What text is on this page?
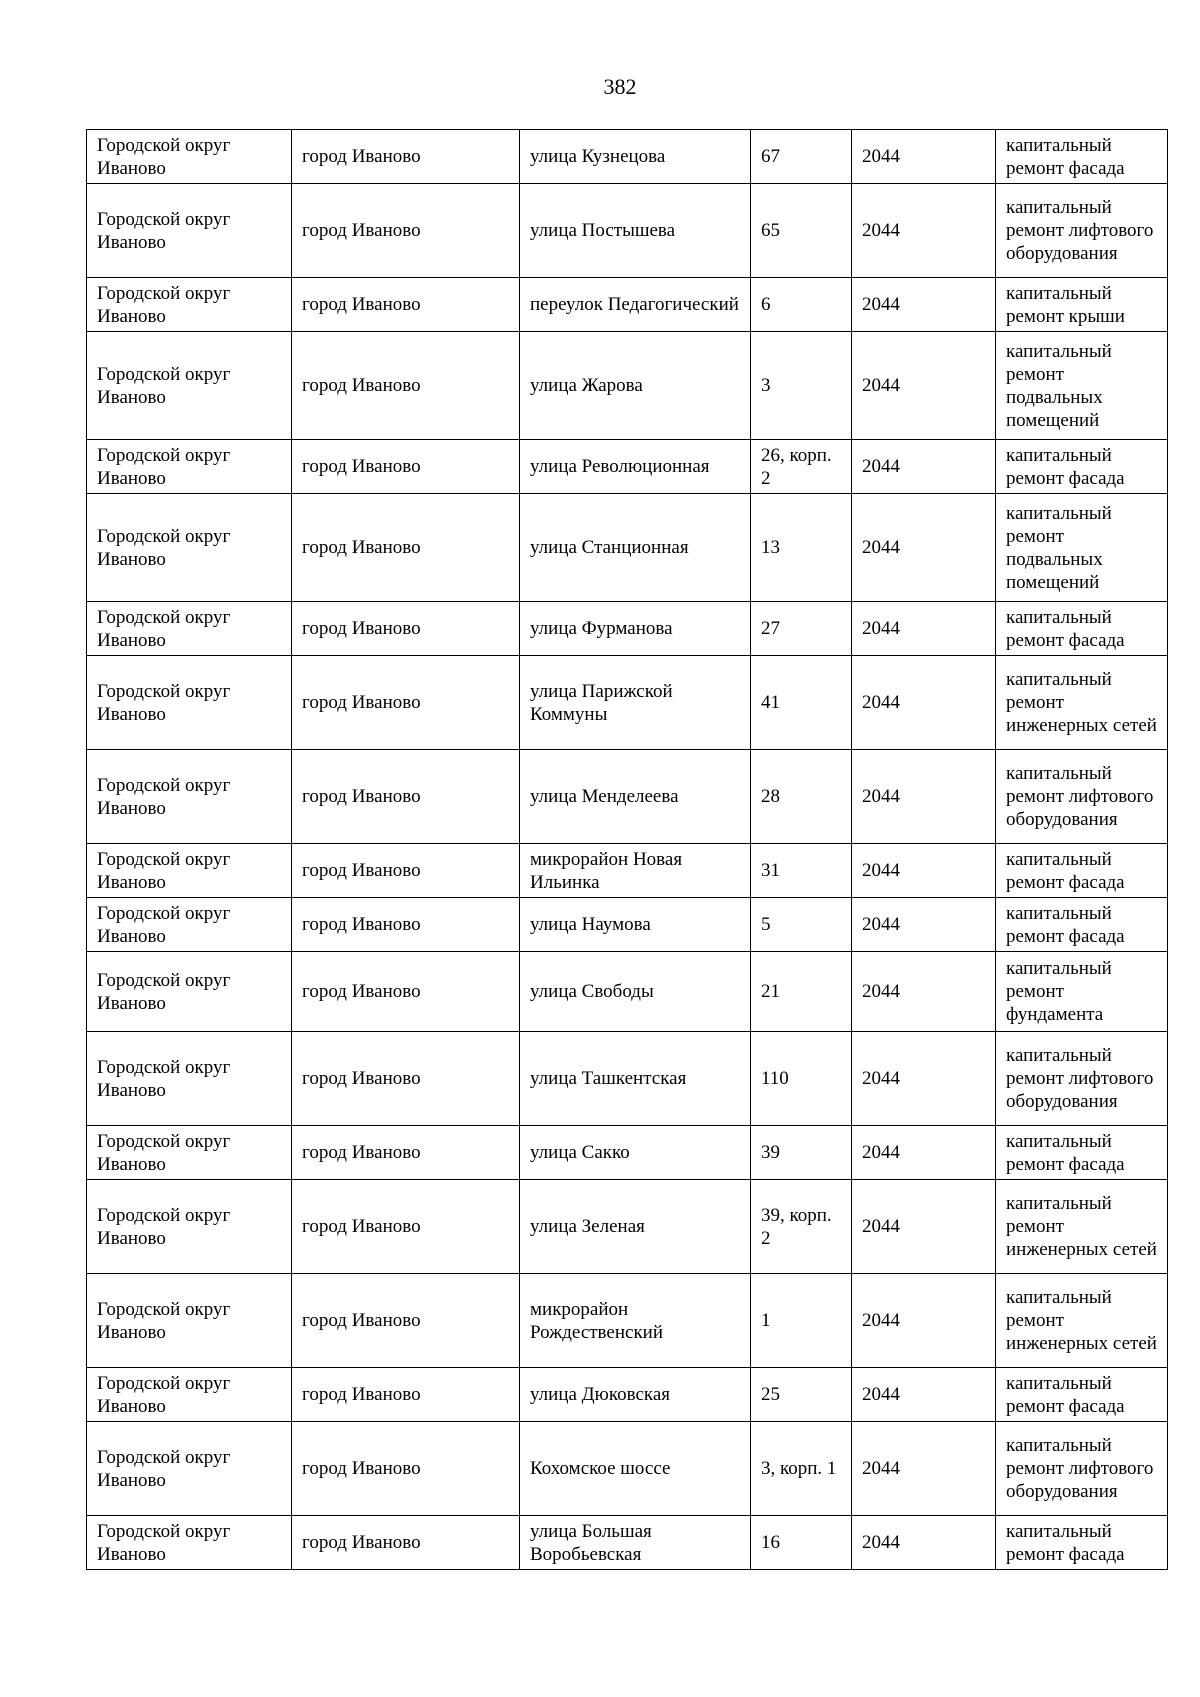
382
Городской округ Иваново	город Иваново	улица Кузнецова	67	2044	капитальный ремонт фасада
Городской округ Иваново	город Иваново	улица Постышева	65	2044	капитальный ремонт лифтового оборудования
Городской округ Иваново	город Иваново	переулок Педагогический	6	2044	капитальный ремонт крыши
Городской округ Иваново	город Иваново	улица Жарова	3	2044	капитальный ремонт подвальных помещений
Городской округ Иваново	город Иваново	улица Революционная	26, корп. 2	2044	капитальный ремонт фасада
Городской округ Иваново	город Иваново	улица Станционная	13	2044	капитальный ремонт подвальных помещений
Городской округ Иваново	город Иваново	улица Фурманова	27	2044	капитальный ремонт фасада
Городской округ Иваново	город Иваново	улица Парижской Коммуны	41	2044	капитальный ремонт инженерных сетей
Городской округ Иваново	город Иваново	улица Менделеева	28	2044	капитальный ремонт лифтового оборудования
Городской округ Иваново	город Иваново	микрорайон Новая Ильинка	31	2044	капитальный ремонт фасада
Городской округ Иваново	город Иваново	улица Наумова	5	2044	капитальный ремонт фасада
Городской округ Иваново	город Иваново	улица Свободы	21	2044	капитальный ремонт фундамента
Городской округ Иваново	город Иваново	улица Ташкентская	110	2044	капитальный ремонт лифтового оборудования
Городской округ Иваново	город Иваново	улица Сакко	39	2044	капитальный ремонт фасада
Городской округ Иваново	город Иваново	улица Зеленая	39, корп. 2	2044	капитальный ремонт инженерных сетей
Городской округ Иваново	город Иваново	микрорайон Рождественский	1	2044	капитальный ремонт инженерных сетей
Городской округ Иваново	город Иваново	улица Дюковская	25	2044	капитальный ремонт фасада
Городской округ Иваново	город Иваново	Кохомское шоссе	3, корп. 1	2044	капитальный ремонт лифтового оборудования
Городской округ Иваново	город Иваново	улица Большая Воробьевская	16	2044	капитальный ремонт фасада
